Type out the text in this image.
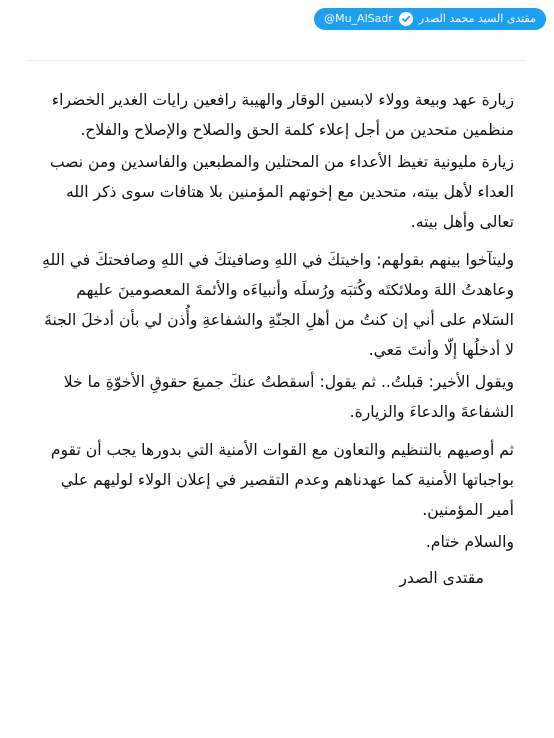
مقتدى السيد محمد الصدر
@Mu_AlSadr

زيارة عهد وبيعة وولاء لابسين الوقار والهيبة رافعين رايات الغدير الخضراء منظمين متحدين من أجل إعلاء كلمة الحق والصلاح والإصلاح والفلاح.

زيارة مليونية تغيظ الأعداء من المحتلين والمطبعين والفاسدين ومن نصب العداء لأهل بيته، متحدين مع إخوتهم المؤمنين بلا هتافات سوى ذكر الله تعالى وأهل بيته.

وليتآخوا بينهم بقولهم: واخيتكَ في اللهِ وصافيتكَ في اللهِ وصافحتكَ في اللهِ وعاهدتُ اللهَ وملائكتَه وكُتبَه ورُسلَه وأنبياءَه والأئمةَ المعصومينَ عليهم السَلام على أني إن كنتُ من أهلِ الجنّةِ والشفاعةِ وأُذن لي بأن أدخلَ الجنةَ لا أدخلُها إلّا وأنتَ مَعي.

ويقول الأخير: قبلتُ.. ثم يقول: أسقطتُ عنكَ جميعَ حقوقِ الأخوّةِ ما خلا الشفاعةَ والدعاءَ والزيارة.

ثم أوصيهم بالتنظيم والتعاون مع القوات الأمنية التي بدورها يجب أن تقوم بواجباتها الأمنية كما عهدناهم وعدم التقصير في إعلان الولاء لوليهم علي أمير المؤمنين.

والسلام ختام.

مقتدى الصدر
